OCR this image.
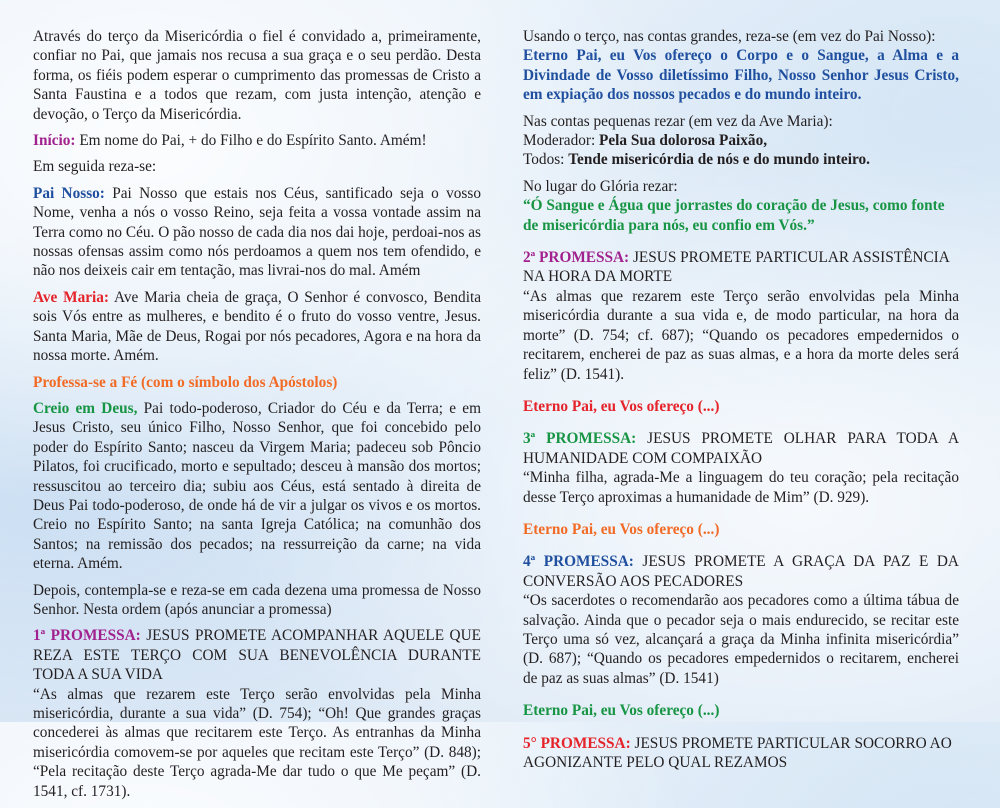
Através do terço da Misericórdia o fiel é convidado a, primeiramente, confiar no Pai, que jamais nos recusa a sua graça e o seu perdão. Desta forma, os fiéis podem esperar o cumprimento das promessas de Cristo a Santa Faustina e a todos que rezam, com justa intenção, atenção e devoção, o Terço da Misericórdia.

Início: Em nome do Pai, + do Filho e do Espírito Santo. Amém!

Em seguida reza-se:

Pai Nosso: Pai Nosso que estais nos Céus, santificado seja o vosso Nome, venha a nós o vosso Reino, seja feita a vossa vontade assim na Terra como no Céu. O pão nosso de cada dia nos dai hoje, perdoai-nos as nossas ofensas assim como nós perdoamos a quem nos tem ofendido, e não nos deixeis cair em tentação, mas livrai-nos do mal. Amém

Ave Maria: Ave Maria cheia de graça, O Senhor é convosco, Bendita sois Vós entre as mulheres, e bendito é o fruto do vosso ventre, Jesus. Santa Maria, Mãe de Deus, Rogai por nós pecadores, Agora e na hora da nossa morte. Amém.

Professa-se a Fé (com o símbolo dos Apóstolos)

Creio em Deus, Pai todo-poderoso, Criador do Céu e da Terra; e em Jesus Cristo, seu único Filho, Nosso Senhor, que foi concebido pelo poder do Espírito Santo; nasceu da Virgem Maria; padeceu sob Pôncio Pilatos, foi crucificado, morto e sepultado; desceu à mansão dos mortos; ressuscitou ao terceiro dia; subiu aos Céus, está sentado à direita de Deus Pai todo-poderoso, de onde há de vir a julgar os vivos e os mortos. Creio no Espírito Santo; na santa Igreja Católica; na comunhão dos Santos; na remissão dos pecados; na ressurreição da carne; na vida eterna. Amém.

Depois, contempla-se e reza-se em cada dezena uma promessa de Nosso Senhor. Nesta ordem (após anunciar a promessa)

1ª PROMESSA: JESUS PROMETE ACOMPANHAR AQUELE QUE REZA ESTE TERÇO COM SUA BENEVOLÊNCIA DURANTE TODA A SUA VIDA

“As almas que rezarem este Terço serão envolvidas pela Minha misericórdia, durante a sua vida” (D. 754); “Oh! Que grandes graças concederei às almas que recitarem este Terço. As entranhas da Minha misericórdia comovem-se por aqueles que recitam este Terço” (D. 848); “Pela recitação deste Terço agrada-Me dar tudo o que Me peçam” (D. 1541, cf. 1731).

Usando o terço, nas contas grandes, reza-se (em vez do Pai Nosso):

Eterno Pai, eu Vos ofereço o Corpo e o Sangue, a Alma e a Divindade de Vosso diletíssimo Filho, Nosso Senhor Jesus Cristo, em expiação dos nossos pecados e do mundo inteiro.

Nas contas pequenas rezar (em vez da Ave Maria):

Moderador: Pela Sua dolorosa Paixão,

Todos: Tende misericórdia de nós e do mundo inteiro.

No lugar do Glória rezar:

“Ó Sangue e Água que jorrastes do coração de Jesus, como fonte de misericórdia para nós, eu confio em Vós.”

2ª PROMESSA: JESUS PROMETE PARTICULAR ASSISTÊNCIA NA HORA DA MORTE

“As almas que rezarem este Terço serão envolvidas pela Minha misericórdia durante a sua vida e, de modo particular, na hora da morte” (D. 754; cf. 687); “Quando os pecadores empedernidos o recitarem, encherei de paz as suas almas, e a hora da morte deles será feliz” (D. 1541).

Eterno Pai, eu Vos ofereço (...)

3ª PROMESSA: JESUS PROMETE OLHAR PARA TODA A HUMANIDADE COM COMPAIXÃO

“Minha filha, agrada-Me a linguagem do teu coração; pela recitação desse Terço aproximas a humanidade de Mim” (D. 929).

Eterno Pai, eu Vos ofereço (...)

4ª PROMESSA: JESUS PROMETE A GRAÇA DA PAZ E DA CONVERSÃO AOS PECADORES

“Os sacerdotes o recomendarão aos pecadores como a última tábua de salvação. Ainda que o pecador seja o mais endurecido, se recitar este Terço uma só vez, alcançará a graça da Minha infinita misericórdia” (D. 687); “Quando os pecadores empedernidos o recitarem, encherei de paz as suas almas” (D. 1541)

Eterno Pai, eu Vos ofereço (...)

5° PROMESSA: JESUS PROMETE PARTICULAR SOCORRO AO AGONIZANTE PELO QUAL REZAMOS
